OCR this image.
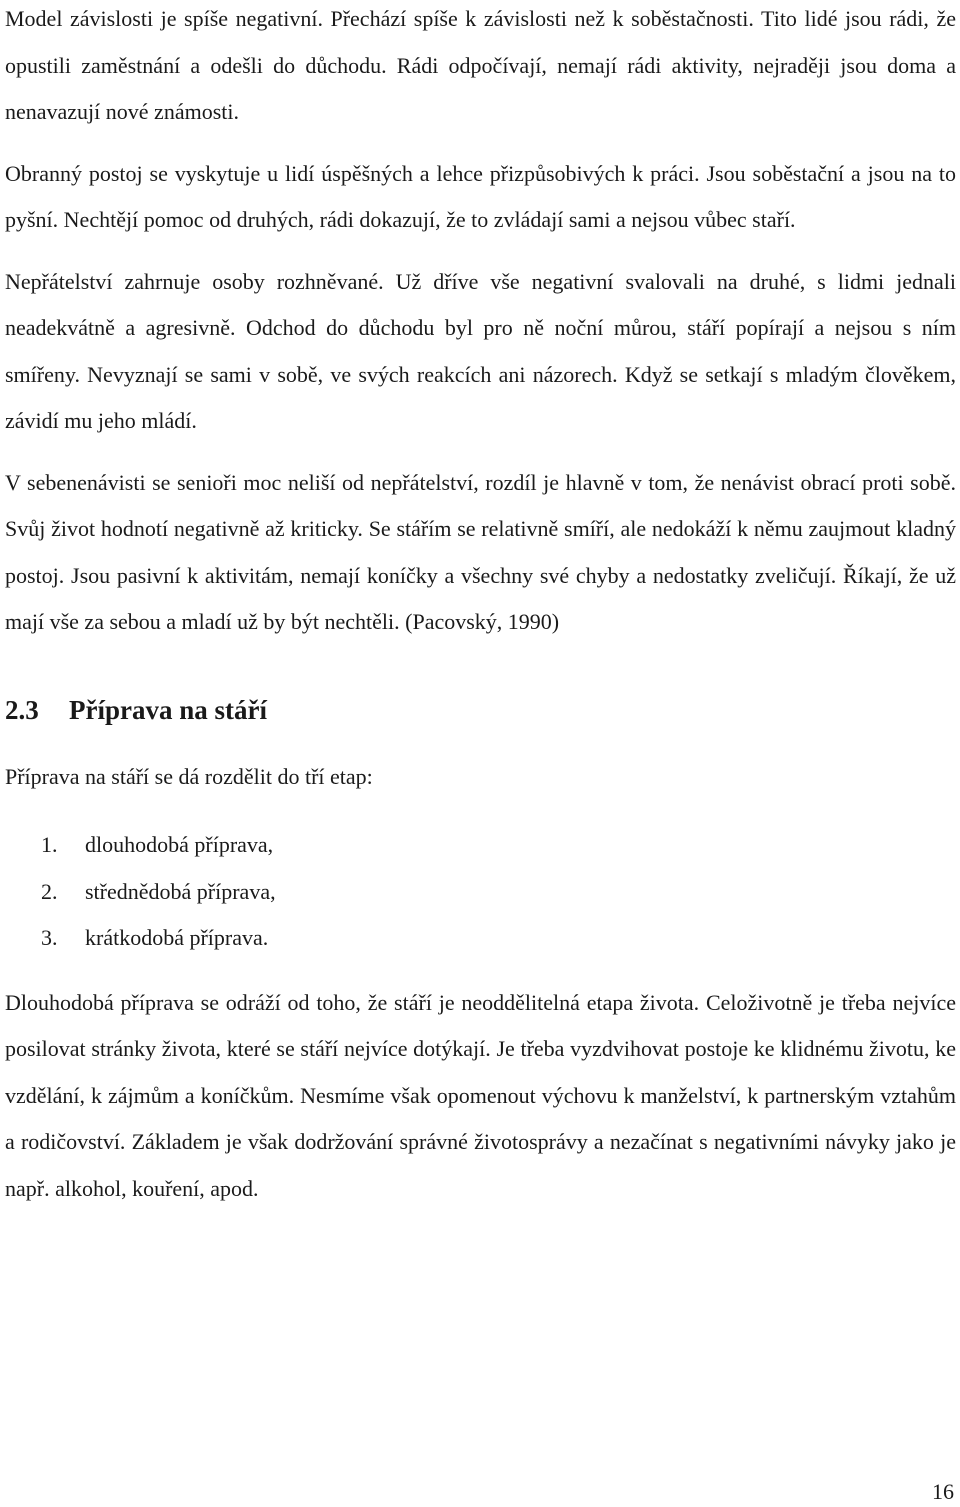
Model závislosti je spíše negativní. Přechází spíše k závislosti než k soběstačnosti. Tito lidé jsou rádi, že opustili zaměstnání a odešli do důchodu. Rádi odpočívají, nemají rádi aktivity, nejraději jsou doma a nenavazují nové známosti.

Obranný postoj se vyskytuje u lidí úspěšných a lehce přizpůsobivých k práci. Jsou soběstační a jsou na to pyšní. Nechtějí pomoc od druhých, rádi dokazují, že to zvládají sami a nejsou vůbec staří.

Nepřátelství zahrnuje osoby rozhněvané. Už dříve vše negativní svalovali na druhé, s lidmi jednali neadekvátně a agresivně. Odchod do důchodu byl pro ně noční můrou, stáří popírají a nejsou s ním smířeny. Nevyznají se sami v sobě, ve svých reakcích ani názorech. Když se setkají s mladým člověkem, závidí mu jeho mládí.

V sebenenávisti se senioři moc neliší od nepřátelství, rozdíl je hlavně v tom, že nenávist obrací proti sobě. Svůj život hodnotí negativně až kriticky. Se stářím se relativně smíří, ale nedokáží k němu zaujmout kladný postoj. Jsou pasivní k aktivitám, nemají koníčky a všechny své chyby a nedostatky zveličují. Říkají, že už mají vše za sebou a mladí už by být nechtěli. (Pacovský, 1990)

2.3 Příprava na stáří

Příprava na stáří se dá rozdělit do tří etap:

1.	dlouhodobá příprava,
2.	střednědobá příprava,
3.	krátkodobá příprava.

Dlouhodobá příprava se odráží od toho, že stáří je neoddělitelná etapa života. Celoživotně je třeba nejvíce posilovat stránky života, které se stáří nejvíce dotýkají. Je třeba vyzdvihovat postoje ke klidnému životu, ke vzdělání, k zájmům a koníčkům. Nesmíme však opomenout výchovu k manželství, k partnerským vztahům a rodičovství. Základem je však dodržování správné životosprávy a nezačínat s negativními návyky jako je např. alkohol, kouření, apod.

16
